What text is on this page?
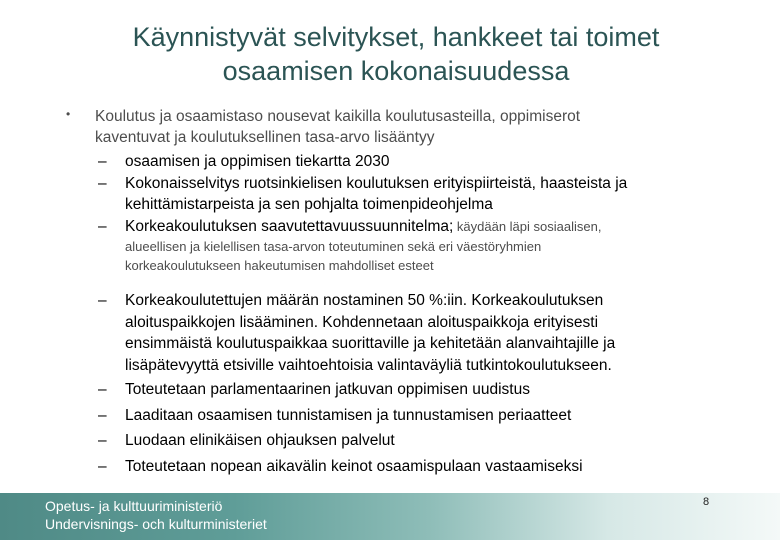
Käynnistyvät selvitykset, hankkeet tai toimet
osaamisen kokonaisuudessa
• Koulutus ja osaamistaso nousevat kaikilla koulutusasteilla, oppimiserot
kaventuvat ja koulutuksellinen tasa-arvo lisääntyy
–	osaamisen ja oppimisen tiekartta 2030
–	Kokonaisselvitys ruotsinkielisen koulutuksen erityispiirteistä, haasteista ja
kehittämistarpeista ja sen pohjalta toimenpideohjelma
–	Korkeakoulutuksen saavutettavuussuunnitelma; käydään läpi sosiaalisen,
alueellisen ja kielellisen tasa-arvon toteutuminen sekä eri väestöryhmien
korkeakoulutukseen hakeutumisen mahdolliset esteet
–	Korkeakoulutettujen määrän nostaminen 50 %:iin. Korkeakoulutuksen
aloituspaikkojen lisääminen. Kohdennetaan aloituspaikkoja erityisesti
ensimmäistä koulutuspaikkaa suorittaville ja kehitetään alanvaihtajille ja
lisäpätevyyttä etsiville vaihtoehtoisia valintaväyliä tutkintokoulutukseen.
–	Toteutetaan parlamentaarinen jatkuvan oppimisen uudistus
–	Laaditaan osaamisen tunnistamisen ja tunnustamisen periaatteet
–	Luodaan elinikäisen ohjauksen palvelut
–	Toteutetaan nopean aikavälin keinot osaamispulaan vastaamiseksi
Opetus- ja kulttuuriministeriö
Undervisnings- och kulturministeriet
8
